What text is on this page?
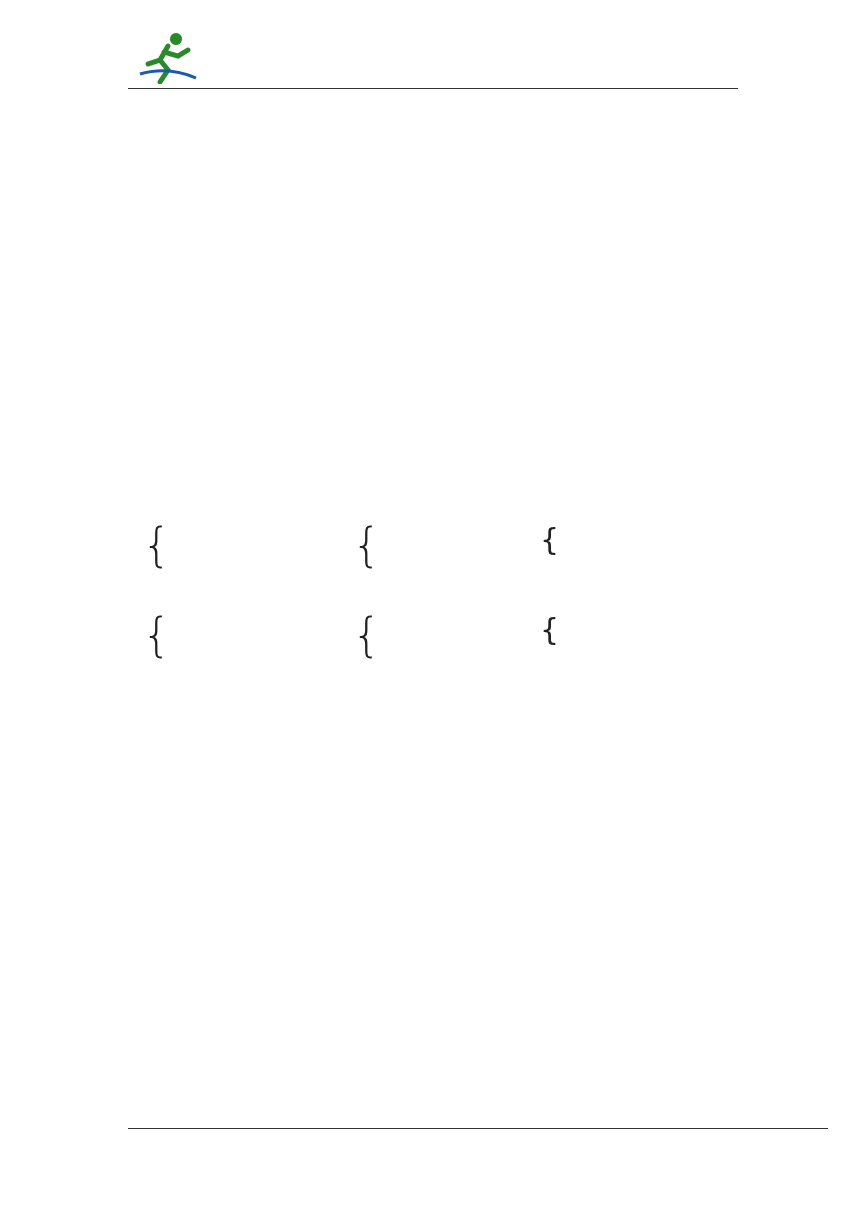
{	{	{
{	{	{
